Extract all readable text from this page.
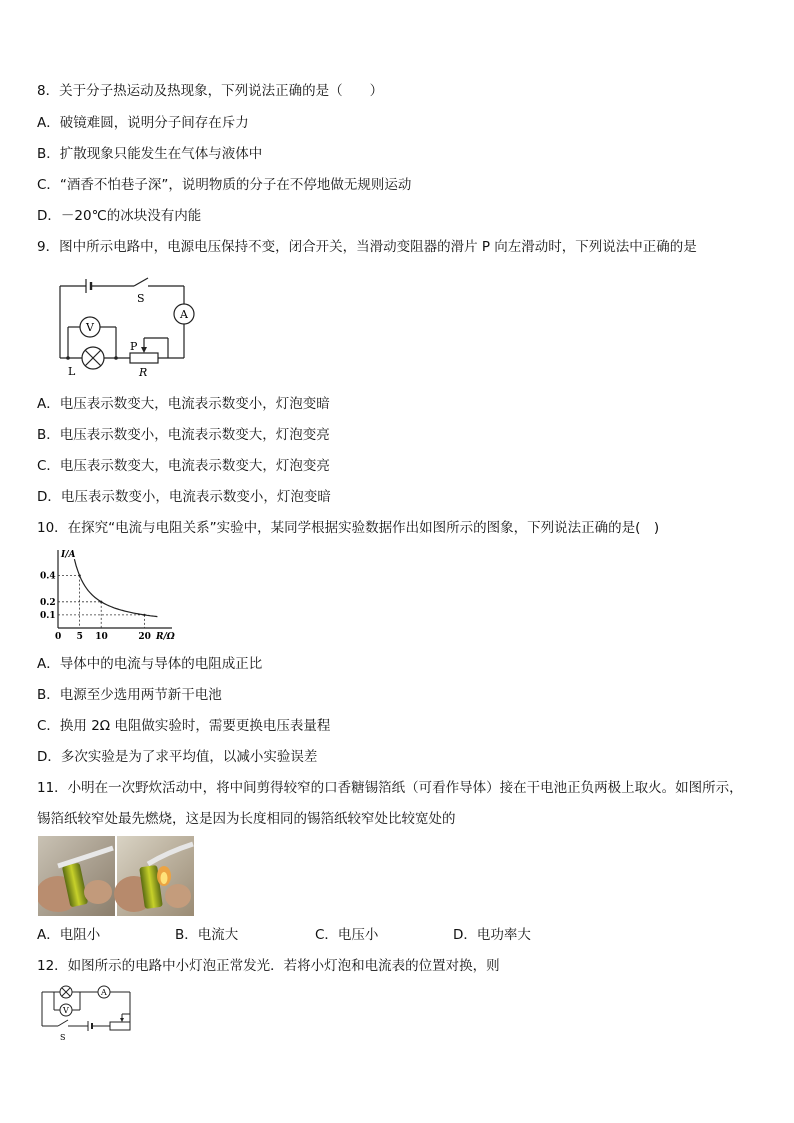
8．关于分子热运动及热现象，下列说法正确的是（　　）
A．破镜难圆，说明分子间存在斥力
B．扩散现象只能发生在气体与液体中
C．“酒香不怕巷子深”，说明物质的分子在不停地做无规则运动
D．－20℃的冰块没有内能
9．图中所示电路中，电源电压保持不变，闭合开关，当滑动变阻器的滑片 P 向左滑动时，下列说法中正确的是
S
A
V
L
P
R
A．电压表示数变大，电流表示数变小，灯泡变暗
B．电压表示数变小，电流表示数变大，灯泡变亮
C．电压表示数变大，电流表示数变大，灯泡变亮
D．电压表示数变小，电流表示数变小，灯泡变暗
10．在探究“电流与电阻关系”实验中，某同学根据实验数据作出如图所示的图象，下列说法正确的是(　)
0 5 10	20
0.1
0.2
0.4
R/Ω
I/A
A．导体中的电流与导体的电阻成正比
B．电源至少选用两节新干电池
C．换用 2Ω 电阻做实验时，需要更换电压表量程
D．多次实验是为了求平均值，以减小实验误差
11．小明在一次野炊活动中，将中间剪得较窄的口香糖锡箔纸（可看作导体）接在干电池正负两极上取火。如图所示，
锡箔纸较窄处最先燃烧，这是因为长度相同的锡箔纸较窄处比较宽处的
A．电阻小	B．电流大	C．电压小	D．电功率大
12．如图所示的电路中小灯泡正常发光．若将小灯泡和电流表的位置对换，则
A
V
S
